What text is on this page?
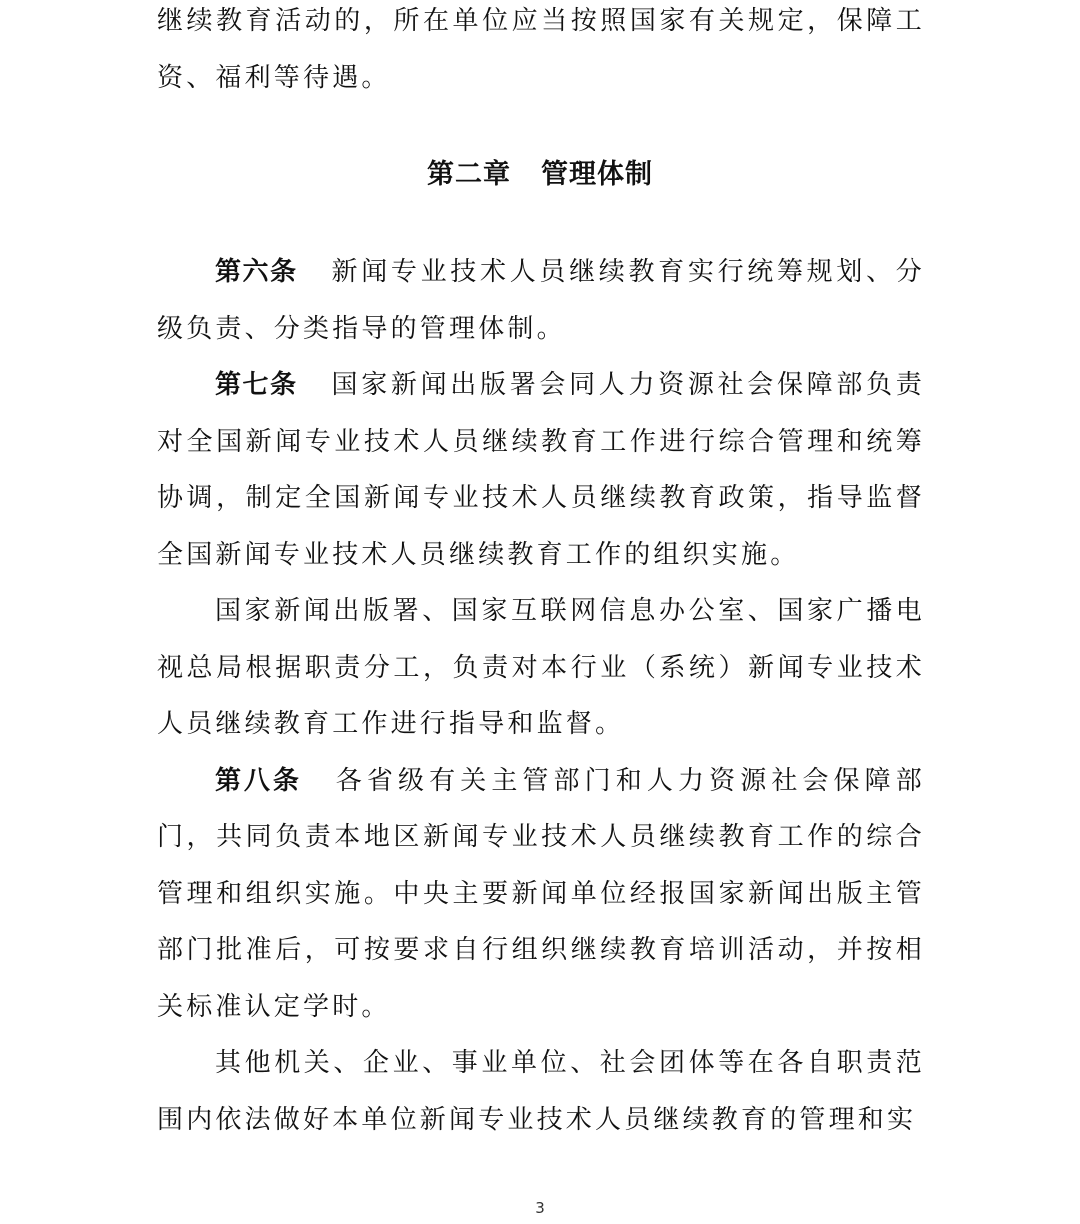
继续教育活动的，所在单位应当按照国家有关规定，保障工资、福利等待遇。

第二章 管理体制

第六条 新闻专业技术人员继续教育实行统筹规划、分级负责、分类指导的管理体制。

第七条 国家新闻出版署会同人力资源社会保障部负责对全国新闻专业技术人员继续教育工作进行综合管理和统筹协调，制定全国新闻专业技术人员继续教育政策，指导监督全国新闻专业技术人员继续教育工作的组织实施。

国家新闻出版署、国家互联网信息办公室、国家广播电视总局根据职责分工，负责对本行业（系统）新闻专业技术人员继续教育工作进行指导和监督。

第八条 各省级有关主管部门和人力资源社会保障部门，共同负责本地区新闻专业技术人员继续教育工作的综合管理和组织实施。中央主要新闻单位经报国家新闻出版主管部门批准后，可按要求自行组织继续教育培训活动，并按相关标准认定学时。

其他机关、企业、事业单位、社会团体等在各自职责范围内依法做好本单位新闻专业技术人员继续教育的管理和实

3
